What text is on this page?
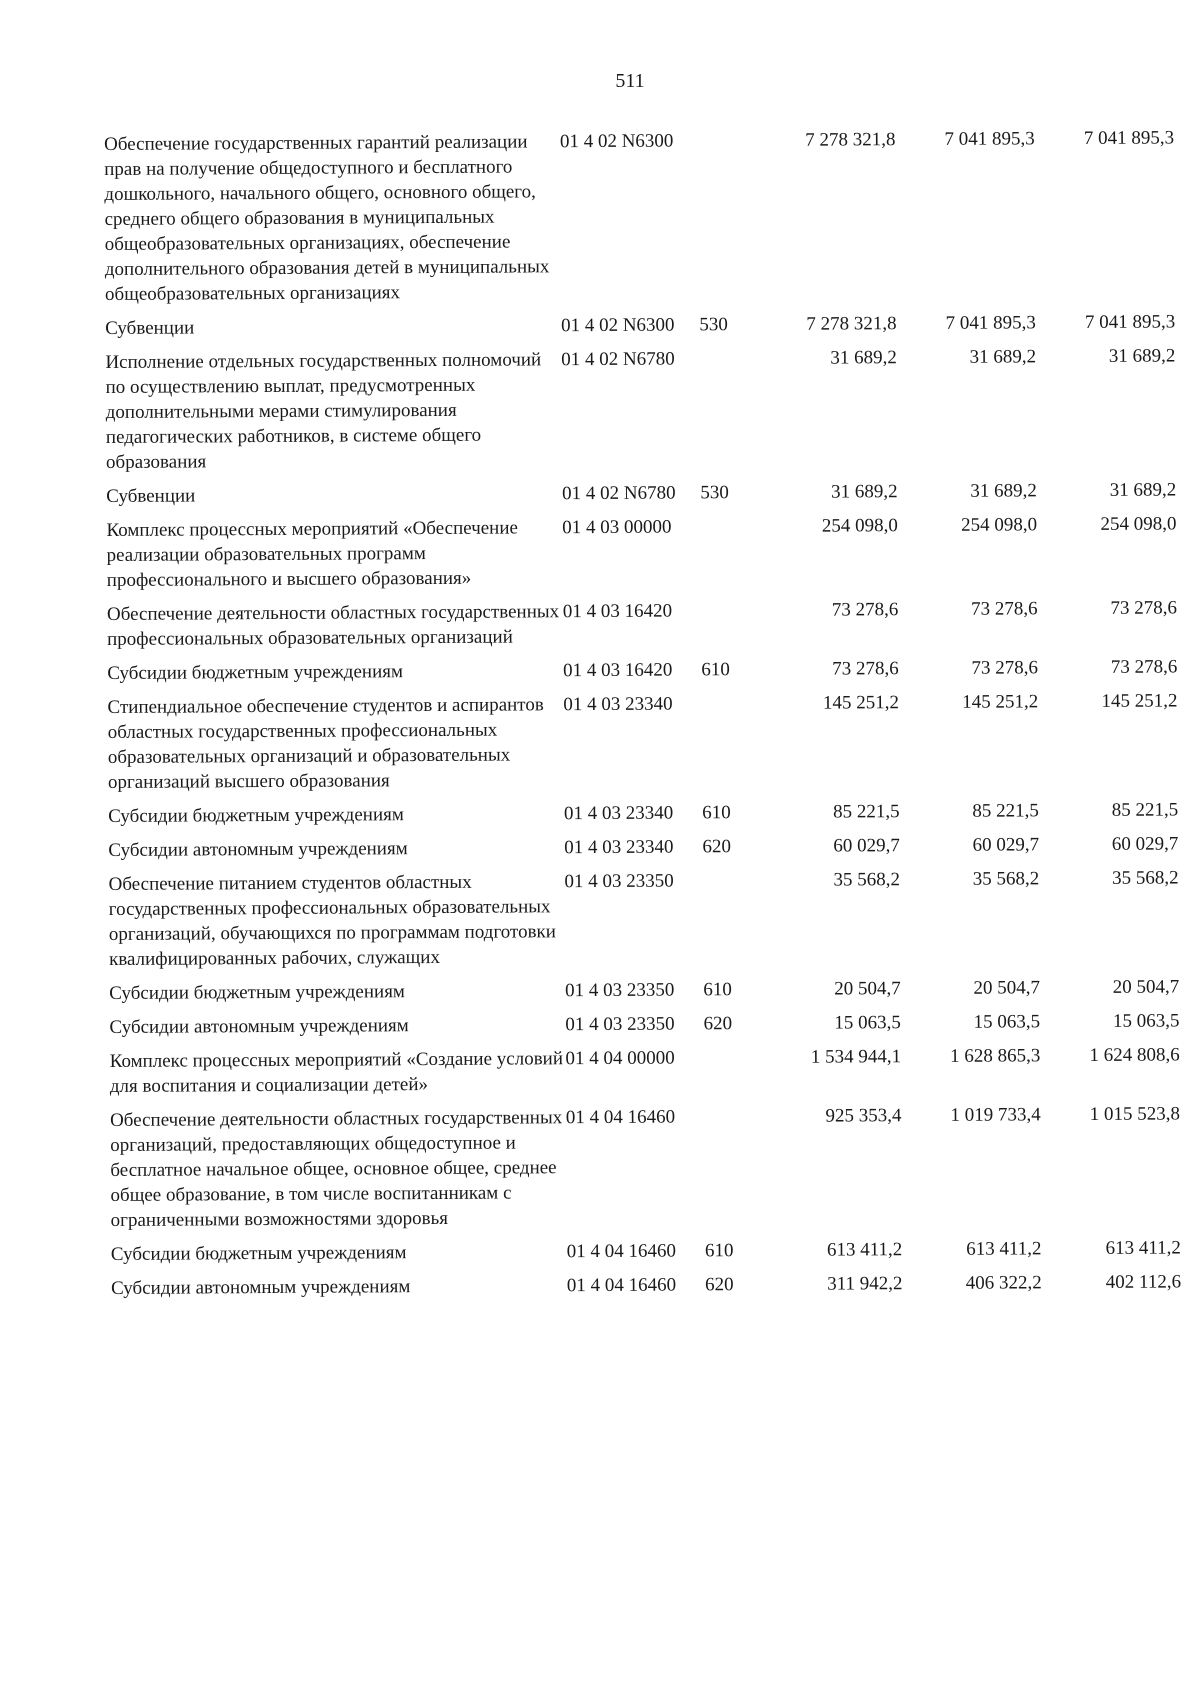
511
Обеспечение государственных гарантий реализации прав на получение общедоступного и бесплатного дошкольного, начального общего, основного общего, среднего общего образования в муниципальных общеобразовательных организациях, обеспечение дополнительного образования детей в муниципальных общеобразовательных организациях	01 4 02 N6300		7 278 321,8	7 041 895,3	7 041 895,3
Субвенции	01 4 02 N6300	530	7 278 321,8	7 041 895,3	7 041 895,3
Исполнение отдельных государственных полномочий по осуществлению выплат, предусмотренных дополнительными мерами стимулирования педагогических работников, в системе общего образования	01 4 02 N6780		31 689,2	31 689,2	31 689,2
Субвенции	01 4 02 N6780	530	31 689,2	31 689,2	31 689,2
Комплекс процессных мероприятий «Обеспечение реализации образовательных программ профессионального и высшего образования»	01 4 03 00000		254 098,0	254 098,0	254 098,0
Обеспечение деятельности областных государственных профессиональных образовательных организаций	01 4 03 16420		73 278,6	73 278,6	73 278,6
Субсидии бюджетным учреждениям	01 4 03 16420	610	73 278,6	73 278,6	73 278,6
Стипендиальное обеспечение студентов и аспирантов областных государственных профессиональных образовательных организаций и образовательных организаций высшего образования	01 4 03 23340		145 251,2	145 251,2	145 251,2
Субсидии бюджетным учреждениям	01 4 03 23340	610	85 221,5	85 221,5	85 221,5
Субсидии автономным учреждениям	01 4 03 23340	620	60 029,7	60 029,7	60 029,7
Обеспечение питанием студентов областных государственных профессиональных образовательных организаций, обучающихся по программам подготовки квалифицированных рабочих, служащих	01 4 03 23350		35 568,2	35 568,2	35 568,2
Субсидии бюджетным учреждениям	01 4 03 23350	610	20 504,7	20 504,7	20 504,7
Субсидии автономным учреждениям	01 4 03 23350	620	15 063,5	15 063,5	15 063,5
Комплекс процессных мероприятий «Создание условий для воспитания и социализации детей»	01 4 04 00000		1 534 944,1	1 628 865,3	1 624 808,6
Обеспечение деятельности областных государственных организаций, предоставляющих общедоступное и бесплатное начальное общее, основное общее, среднее общее образование, в том числе воспитанникам с ограниченными возможностями здоровья	01 4 04 16460		925 353,4	1 019 733,4	1 015 523,8
Субсидии бюджетным учреждениям	01 4 04 16460	610	613 411,2	613 411,2	613 411,2
Субсидии автономным учреждениям	01 4 04 16460	620	311 942,2	406 322,2	402 112,6
